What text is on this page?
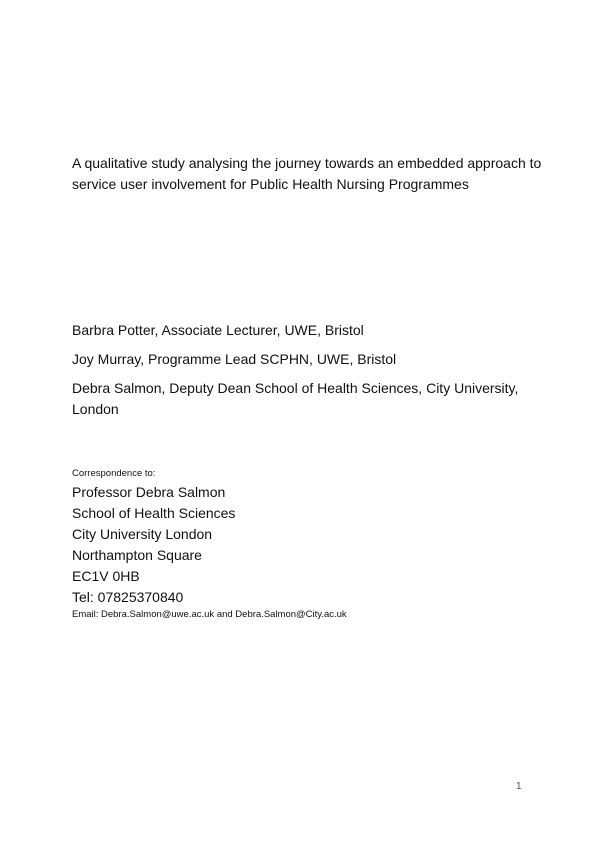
A qualitative study analysing the journey towards an embedded approach to service user involvement for Public Health Nursing Programmes
Barbra Potter, Associate Lecturer, UWE, Bristol
Joy Murray, Programme Lead SCPHN, UWE, Bristol
Debra Salmon, Deputy Dean School of Health Sciences, City University, London

Correspondence to:

Professor Debra Salmon

School of Health Sciences

City University London

Northampton Square

EC1V 0HB

Tel: 07825370840

Email: Debra.Salmon@uwe.ac.uk and Debra.Salmon@City.ac.uk

1
